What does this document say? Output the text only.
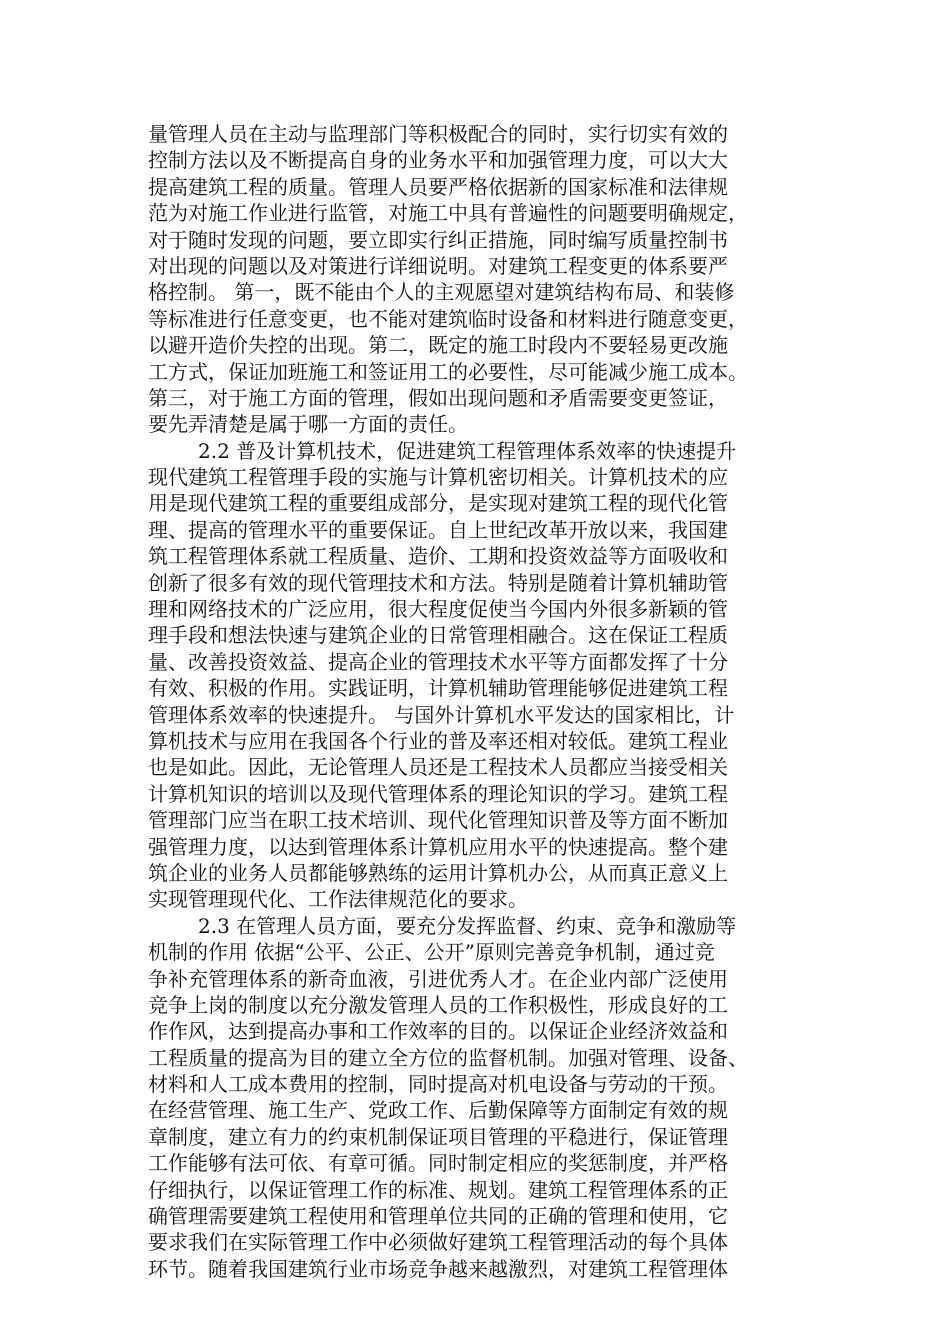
量管理人员在主动与监理部门等积极配合的同时，实行切实有效的
控制方法以及不断提高自身的业务水平和加强管理力度，可以大大
提高建筑工程的质量。管理人员要严格依据新的国家标准和法律规
范为对施工作业进行监管，对施工中具有普遍性的问题要明确规定，
对于随时发现的问题，要立即实行纠正措施，同时编写质量控制书
对出现的问题以及对策进行详细说明。对建筑工程变更的体系要严
格控制。 第一，既不能由个人的主观愿望对建筑结构布局、和装修
等标准进行任意变更，也不能对建筑临时设备和材料进行随意变更，
以避开造价失控的出现。第二，既定的施工时段内不要轻易更改施
工方式，保证加班施工和签证用工的必要性，尽可能减少施工成本。
第三，对于施工方面的管理，假如出现问题和矛盾需要变更签证，
要先弄清楚是属于哪一方面的责任。
2.2 普及计算机技术，促进建筑工程管理体系效率的快速提升
现代建筑工程管理手段的实施与计算机密切相关。计算机技术的应
用是现代建筑工程的重要组成部分，是实现对建筑工程的现代化管
理、提高的管理水平的重要保证。自上世纪改革开放以来，我国建
筑工程管理体系就工程质量、造价、工期和投资效益等方面吸收和
创新了很多有效的现代管理技术和方法。特别是随着计算机辅助管
理和网络技术的广泛应用，很大程度促使当今国内外很多新颖的管
理手段和想法快速与建筑企业的日常管理相融合。这在保证工程质
量、改善投资效益、提高企业的管理技术水平等方面都发挥了十分
有效、积极的作用。实践证明，计算机辅助管理能够促进建筑工程
管理体系效率的快速提升。 与国外计算机水平发达的国家相比，计
算机技术与应用在我国各个行业的普及率还相对较低。建筑工程业
也是如此。因此，无论管理人员还是工程技术人员都应当接受相关
计算机知识的培训以及现代管理体系的理论知识的学习。建筑工程
管理部门应当在职工技术培训、现代化管理知识普及等方面不断加
强管理力度，以达到管理体系计算机应用水平的快速提高。整个建
筑企业的业务人员都能够熟练的运用计算机办公，从而真正意义上
实现管理现代化、工作法律规范化的要求。
2.3 在管理人员方面，要充分发挥监督、约束、竞争和激励等
机制的作用 依据“公平、公正、公开”原则完善竞争机制，通过竞
争补充管理体系的新奇血液，引进优秀人才。在企业内部广泛使用
竞争上岗的制度以充分激发管理人员的工作积极性，形成良好的工
作作风，达到提高办事和工作效率的目的。以保证企业经济效益和
工程质量的提高为目的建立全方位的监督机制。加强对管理、设备、
材料和人工成本费用的控制，同时提高对机电设备与劳动的干预。
在经营管理、施工生产、党政工作、后勤保障等方面制定有效的规
章制度，建立有力的约束机制保证项目管理的平稳进行，保证管理
工作能够有法可依、有章可循。同时制定相应的奖惩制度，并严格
仔细执行，以保证管理工作的标准、规划。建筑工程管理体系的正
确管理需要建筑工程使用和管理单位共同的正确的管理和使用，它
要求我们在实际管理工作中必须做好建筑工程管理活动的每个具体
环节。随着我国建筑行业市场竞争越来越激烈，对建筑工程管理体
